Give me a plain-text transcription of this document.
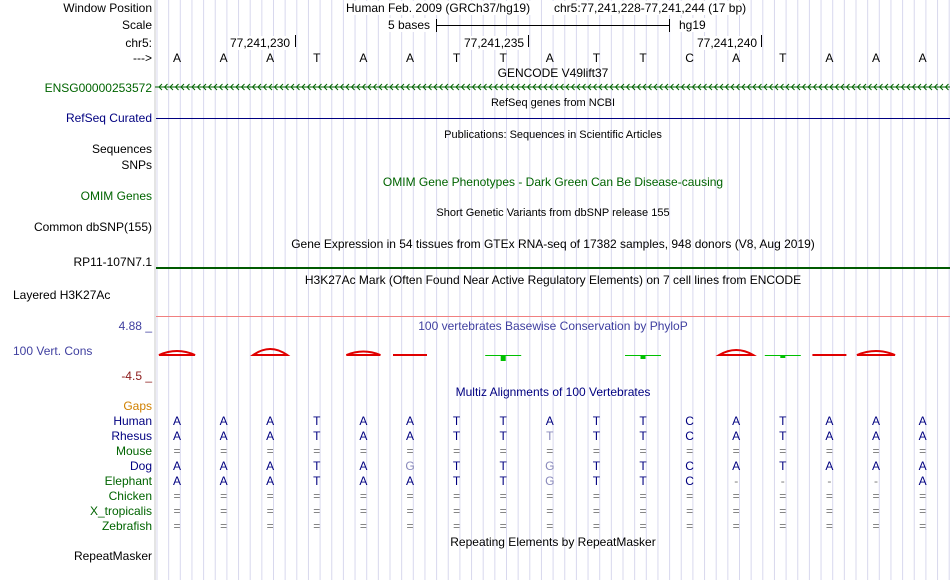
Window Position	Human Feb. 2009 (GRCh37/hg19) chr5:77,241,228-77,241,244 (17 bp)
Scale	5 bases	hg19
chr5:	77,241,230	77,241,235	77,241,240
--->	A	A	A	T	A	A	T	T	A	T	T	C	A	T	A	A	A
GENCODE V49lift37
ENSG00000253572
RefSeq genes from NCBI
RefSeq Curated
Publications: Sequences in Scientific Articles
Sequences
SNPs
OMIM Gene Phenotypes - Dark Green Can Be Disease-causing
OMIM Genes
Short Genetic Variants from dbSNP release 155
Common dbSNP(155)
Gene Expression in 54 tissues from GTEx RNA-seq of 17382 samples, 948 donors (V8, Aug 2019)
RP11-107N7.1
H3K27Ac Mark (Often Found Near Active Regulatory Elements) on 7 cell lines from ENCODE
Layered H3K27Ac
100 vertebrates Basewise Conservation by PhyloP
4.88 _
100 Vert. Cons
-4.5 _
Multiz Alignments of 100 Vertebrates
Gaps
Human	A	A	A	T	A	A	T	T	A	T	T	C	A	T	A	A	A
Rhesus	A	A	A	T	A	A	T	T	T	T	T	C	A	T	A	A	A
Mouse	=	=	=	=	=	=	=	=	=	=	=	=	=	=	=	=	=
Dog	A	A	A	T	A	G	T	T	G	T	T	C	A	T	A	A	A
Elephant	A	A	A	T	A	A	T	T	G	T	T	C	-	-	-	-	A
Chicken	=	=	=	=	=	=	=	=	=	=	=	=	=	=	=	=	=
X_tropicalis	=	=	=	=	=	=	=	=	=	=	=	=	=	=	=	=	=
Zebrafish	=	=	=	=	=	=	=	=	=	=	=	=	=	=	=	=	=
Repeating Elements by RepeatMasker
RepeatMasker
